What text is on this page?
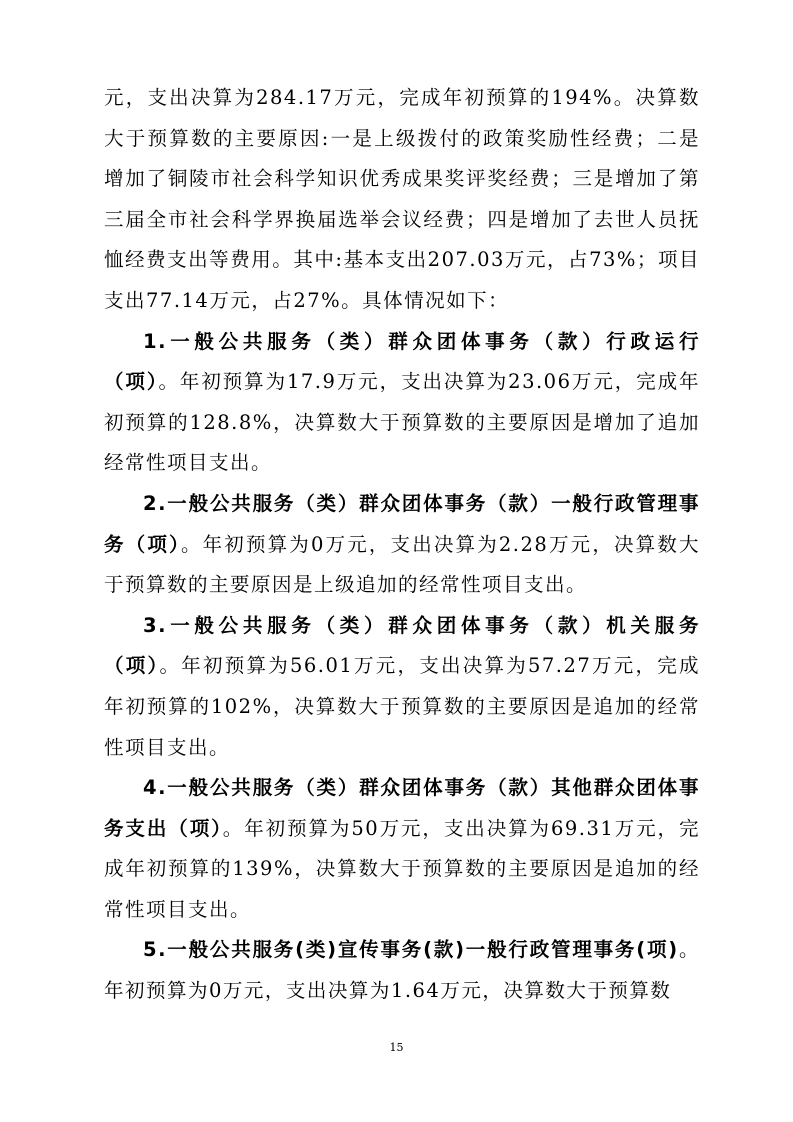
元，支出决算为284.17万元，完成年初预算的194%。决算数大于预算数的主要原因:一是上级拨付的政策奖励性经费；二是增加了铜陵市社会科学知识优秀成果奖评奖经费；三是增加了第三届全市社会科学界换届选举会议经费；四是增加了去世人员抚恤经费支出等费用。其中:基本支出207.03万元，占73%；项目支出77.14万元，占27%。具体情况如下：

1.一般公共服务（类）群众团体事务（款）行政运行（项）。年初预算为17.9万元，支出决算为23.06万元，完成年初预算的128.8%，决算数大于预算数的主要原因是增加了追加经常性项目支出。

2.一般公共服务（类）群众团体事务（款）一般行政管理事务（项）。年初预算为0万元，支出决算为2.28万元，决算数大于预算数的主要原因是上级追加的经常性项目支出。

3.一般公共服务（类）群众团体事务（款）机关服务（项）。年初预算为56.01万元，支出决算为57.27万元，完成年初预算的102%，决算数大于预算数的主要原因是追加的经常性项目支出。

4.一般公共服务（类）群众团体事务（款）其他群众团体事务支出（项）。年初预算为50万元，支出决算为69.31万元，完成年初预算的139%，决算数大于预算数的主要原因是追加的经常性项目支出。

5.一般公共服务(类)宣传事务(款)一般行政管理事务(项)。年初预算为0万元，支出决算为1.64万元，决算数大于预算数

15
